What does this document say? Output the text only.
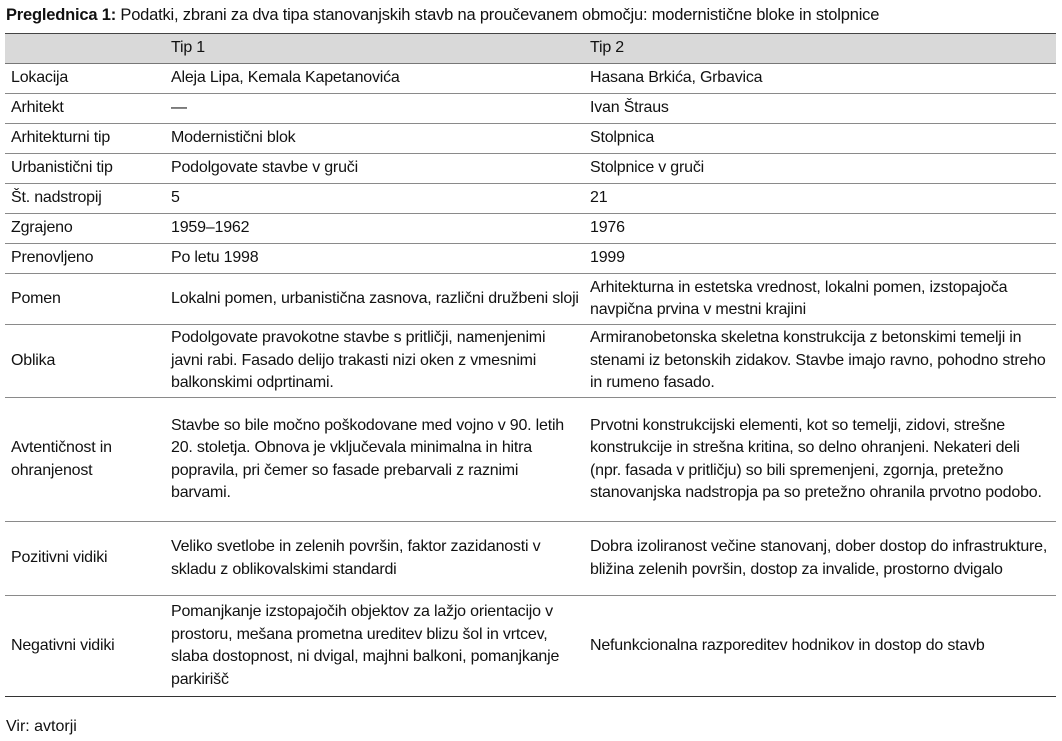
Preglednica 1: Podatki, zbrani za dva tipa stanovanjskih stavb na proučevanem območju: modernistične bloke in stolpnice
	Tip 1	Tip 2
Lokacija	Aleja Lipa, Kemala Kapetanovića	Hasana Brkića, Grbavica
Arhitekt	—	Ivan Štraus
Arhitekturni tip	Modernistični blok	Stolpnica
Urbanistični tip	Podolgovate stavbe v gruči	Stolpnice v gruči
Št. nadstropij	5	21
Zgrajeno	1959–1962	1976
Prenovljeno	Po letu 1998	1999
Pomen	Lokalni pomen, urbanistična zasnova, različni družbeni sloji	Arhitekturna in estetska vrednost, lokalni pomen, izstopajoča navpična prvina v mestni krajini
Oblika	Podolgovate pravokotne stavbe s pritličji, namenjenimi javni rabi. Fasado delijo trakasti nizi oken z vmesnimi balkonskimi odprtinami.	Armiranobetonska skeletna konstrukcija z betonskimi temelji in stenami iz betonskih zidakov. Stavbe imajo ravno, pohodno streho in rumeno fasado.
Avtentičnost in ohranjenost	Stavbe so bile močno poškodovane med vojno v 90. letih 20. stoletja. Obnova je vključevala minimalna in hitra popravila, pri čemer so fasade prebarvali z raznimi barvami.	Prvotni konstrukcijski elementi, kot so temelji, zidovi, strešne konstrukcije in strešna kritina, so delno ohranjeni. Nekateri deli (npr. fasada v pritličju) so bili spremenjeni, zgornja, pretežno stanovanjska nadstropja pa so pretežno ohranila prvotno podobo.
Pozitivni vidiki	Veliko svetlobe in zelenih površin, faktor zazidanosti v skladu z oblikovalskimi standardi	Dobra izoliranost večine stanovanj, dober dostop do infrastrukture, bližina zelenih površin, dostop za invalide, prostorno dvigalo
Negativni vidiki	Pomanjkanje izstopajočih objektov za lažjo orientacijo v prostoru, mešana prometna ureditev blizu šol in vrtcev, slaba dostopnost, ni dvigal, majhni balkoni, pomanjkanje parkirišč	Nefunkcionalna razporeditev hodnikov in dostop do stavb
Vir: avtorji
